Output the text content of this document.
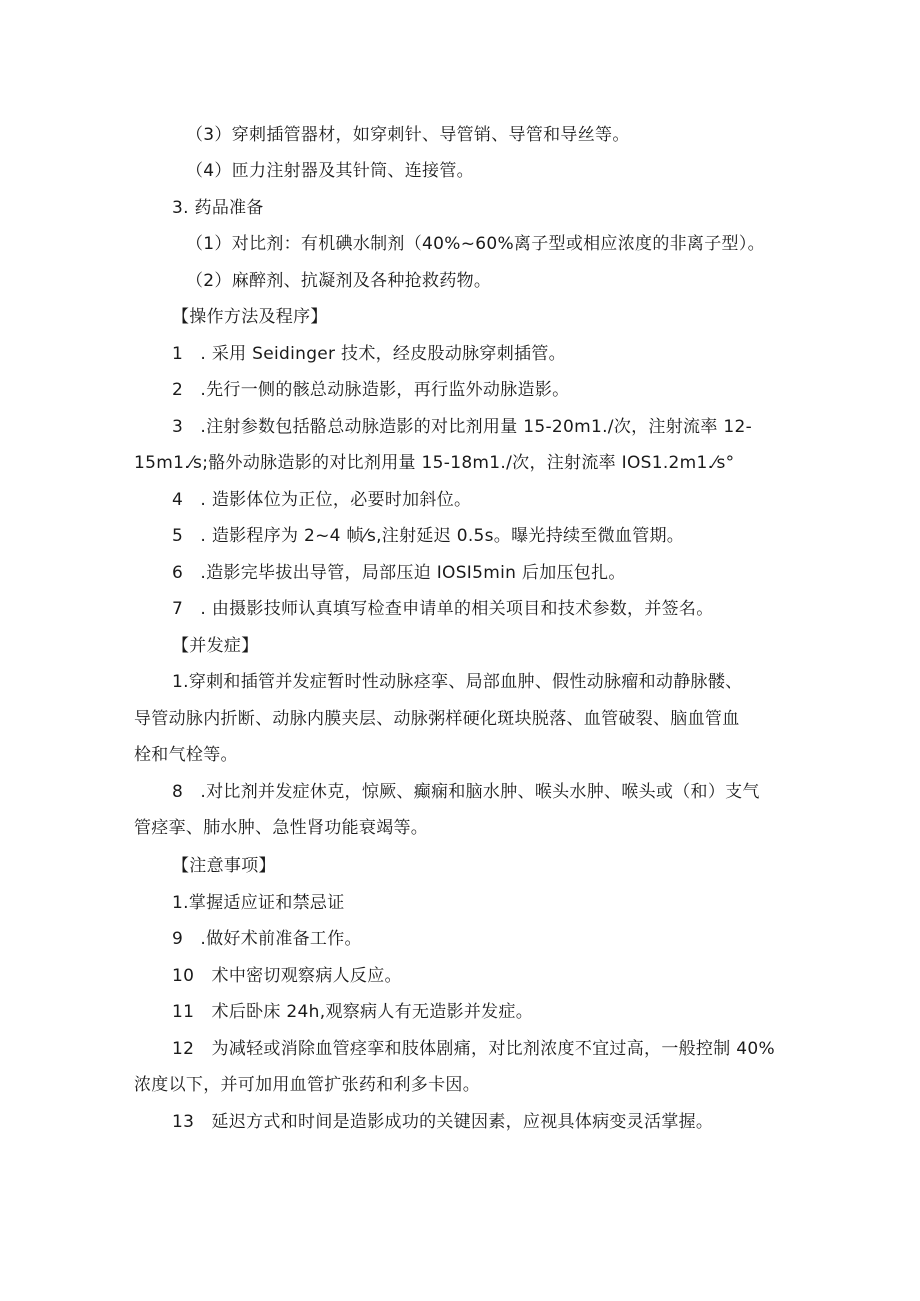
（3）穿刺插管器材，如穿刺针、导管销、导管和导丝等。
（4）匝力注射器及其针筒、连接管。
3. 药品准备
（1）对比剂：有机碘水制剂（40%~60%离子型或相应浓度的非离子型）。
（2）麻醉剂、抗凝剂及各种抢救药物。
【操作方法及程序】
1　. 采用 Seidinger 技术，经皮股动脉穿刺插管。
2　.先行一侧的骸总动脉造影，再行监外动脉造影。
3　.注射参数包括骼总动脉造影的对比剂用量 15-20m1./次，注射流率 12-
15m1.⁄s;骼外动脉造影的对比剂用量 15-18m1./次，注射流率 IOS1.2m1.⁄s°
4　. 造影体位为正位，必要时加斜位。
5　. 造影程序为 2~4 帧⁄s,注射延迟 0.5s。曝光持续至微血管期。
6　.造影完毕拔出导管，局部压迫 IOSI5min 后加压包扎。
7　. 由摄影技师认真填写检查申请单的相关项目和技术参数，并签名。
【并发症】
1.穿刺和插管并发症暂时性动脉痉挛、局部血肿、假性动脉瘤和动静脉髅、
导管动脉内折断、动脉内膜夹层、动脉粥样硬化斑块脱落、血管破裂、脑血管血
栓和气栓等。
8　.对比剂并发症休克，惊厥、癫痫和脑水肿、喉头水肿、喉头或（和）支气
管痉挛、肺水肿、急性肾功能衰竭等。
【注意事项】
1.掌握适应证和禁忌证
9　.做好术前准备工作。
10　术中密切观察病人反应。
11　术后卧床 24h,观察病人有无造影并发症。
12　为减轻或消除血管痉挛和肢体剧痛，对比剂浓度不宜过高，一般控制 40%
浓度以下，并可加用血管扩张药和利多卡因。
13　延迟方式和时间是造影成功的关键因素，应视具体病变灵活掌握。
